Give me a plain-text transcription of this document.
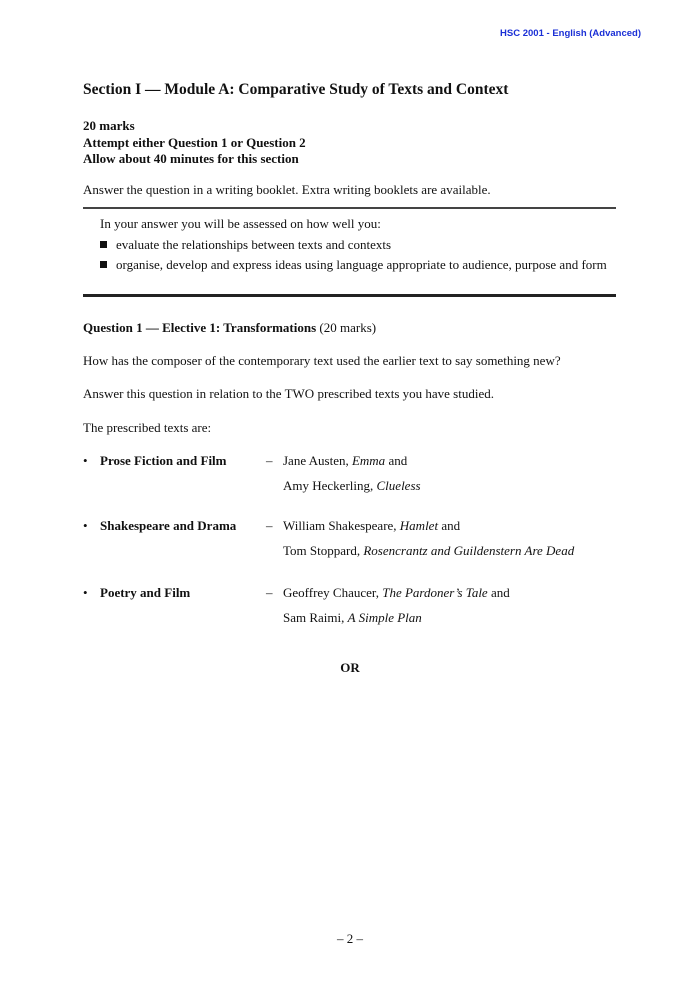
HSC 2001 - English (Advanced)
Section I — Module A: Comparative Study of Texts and Context
20 marks
Attempt either Question 1 or Question 2
Allow about 40 minutes for this section
Answer the question in a writing booklet. Extra writing booklets are available.
In your answer you will be assessed on how well you:
evaluate the relationships between texts and contexts
organise, develop and express ideas using language appropriate to audience, purpose and form
Question 1 — Elective 1: Transformations (20 marks)
How has the composer of the contemporary text used the earlier text to say something new?
Answer this question in relation to the TWO prescribed texts you have studied.
The prescribed texts are:
• Prose Fiction and Film	– Jane Austen, Emma and
Amy Heckerling, Clueless
• Shakespeare and Drama – William Shakespeare, Hamlet and
Tom Stoppard, Rosencrantz and Guildenstern Are Dead
• Poetry and Film	– Geoffrey Chaucer, The Pardoner’s Tale and
Sam Raimi, A Simple Plan
OR
– 2 –
